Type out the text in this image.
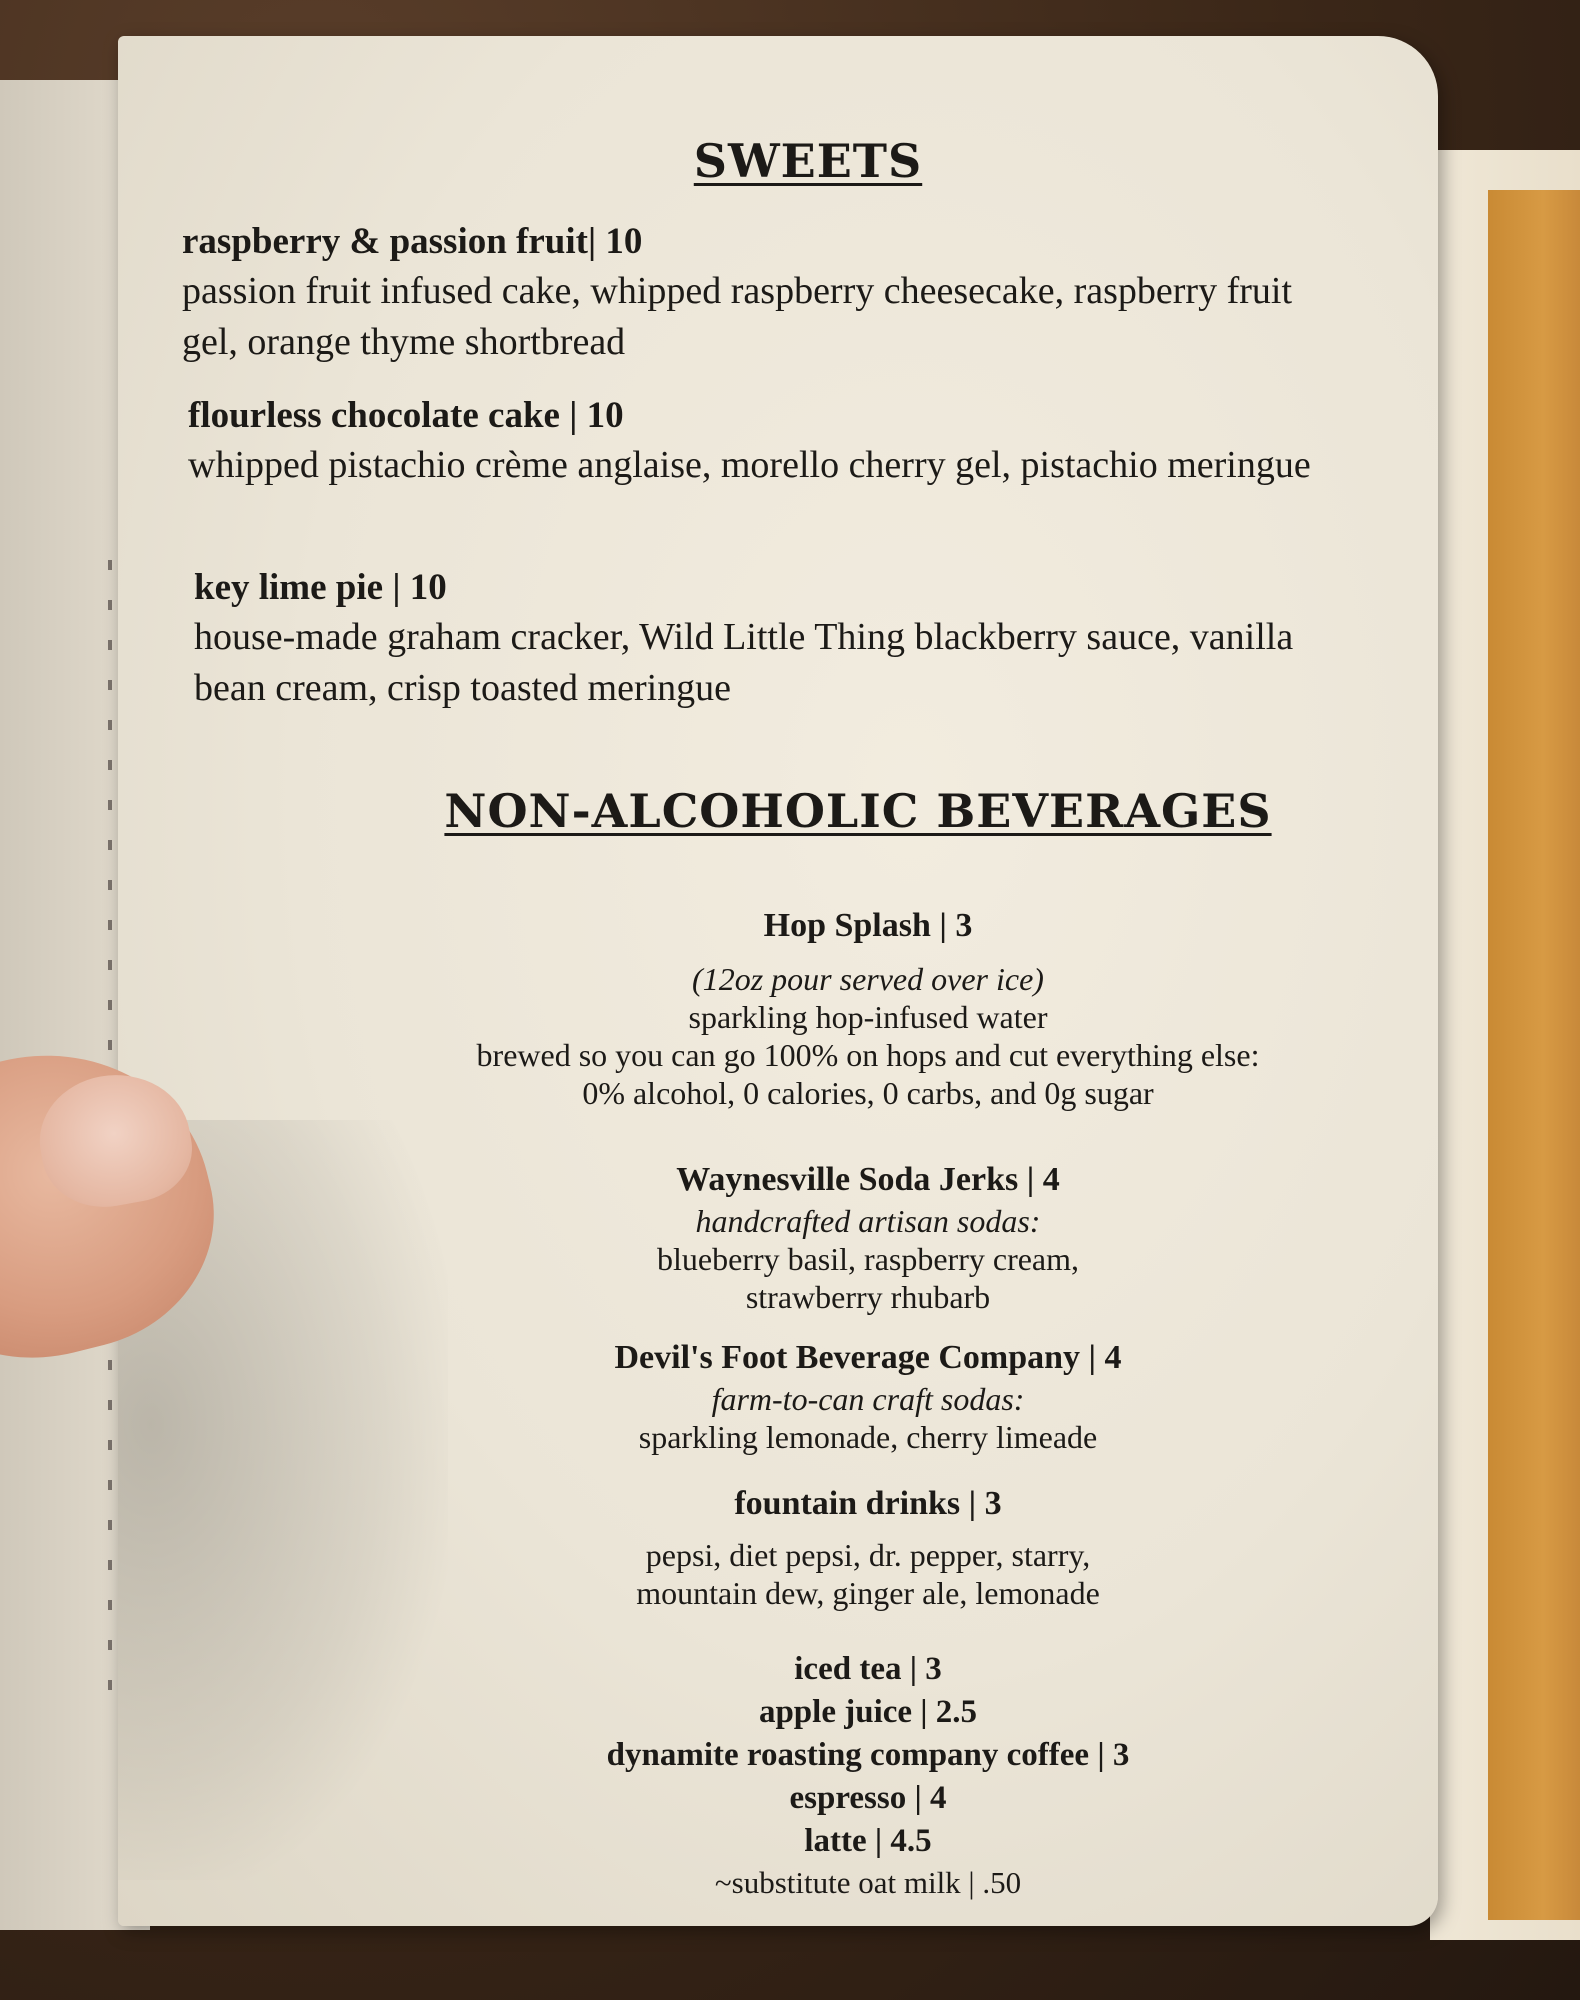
SWEETS
raspberry & passion fruit| 10
passion fruit infused cake, whipped raspberry cheesecake, raspberry fruit gel, orange thyme shortbread
flourless chocolate cake | 10
whipped pistachio crème anglaise, morello cherry gel, pistachio meringue
key lime pie | 10
house-made graham cracker, Wild Little Thing blackberry sauce, vanilla bean cream, crisp toasted meringue
NON-ALCOHOLIC BEVERAGES
Hop Splash | 3
(12oz pour served over ice)
sparkling hop-infused water
brewed so you can go 100% on hops and cut everything else:
0% alcohol, 0 calories, 0 carbs, and 0g sugar
Waynesville Soda Jerks | 4
handcrafted artisan sodas:
blueberry basil, raspberry cream,
strawberry rhubarb
Devil's Foot Beverage Company | 4
farm-to-can craft sodas:
sparkling lemonade, cherry limeade
fountain drinks | 3
pepsi, diet pepsi, dr. pepper, starry,
mountain dew, ginger ale, lemonade
iced tea | 3
apple juice | 2.5
dynamite roasting company coffee | 3
espresso | 4
latte | 4.5
~substitute oat milk | .50
